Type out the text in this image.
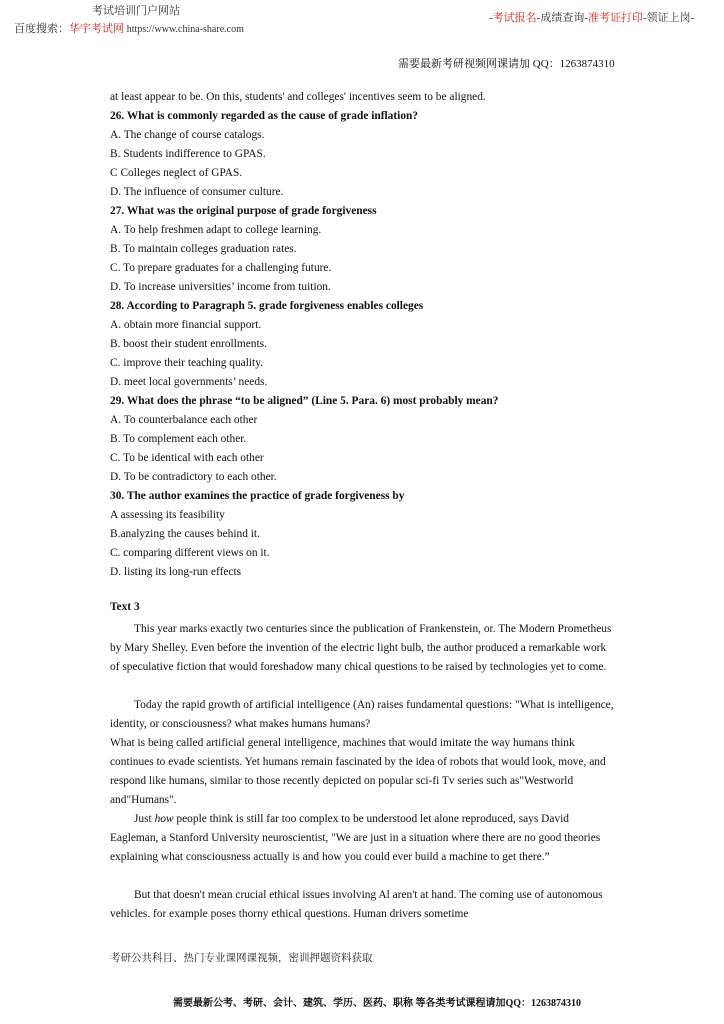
考试培训门户网站
百度搜索：华宇考试网 https://www.china-share.com
-考试报名-成绩查询-准考证打印-领证上岗-
需要最新考研视频网课请加 QQ：1263874310
at least appear to be. On this, students' and colleges' incentives seem to be aligned.
26. What is commonly regarded as the cause of grade inflation?
A. The change of course catalogs.
B. Students indifference to GPAS.
C Colleges neglect of GPAS.
D. The influence of consumer culture.
27. What was the original purpose of grade forgiveness
A. To help freshmen adapt to college learning.
B. To maintain colleges graduation rates.
C. To prepare graduates for a challenging future.
D. To increase universities’ income from tuition.
28. According to Paragraph 5. grade forgiveness enables colleges
A. obtain more financial support.
B. boost their student enrollments.
C. improve their teaching quality.
D. meet local governments’ needs.
29. What does the phrase “to be aligned” (Line 5. Para. 6) most probably mean?
A. To counterbalance each other
B. To complement each other.
C. To be identical with each other
D. To be contradictory to each other.
30. The author examines the practice of grade forgiveness by
A assessing its feasibility
B.analyzing the causes behind it.
C. comparing different views on it.
D. listing its long-run effects
Text 3

This year marks exactly two centuries since the publication of Frankenstein, or. The Modern Prometheus by Mary Shelley. Even before the invention of the electric light bulb, the author produced a remarkable work of speculative fiction that would foreshadow many chical questions to be raised by technologies yet to come.

Today the rapid growth of artificial intelligence (An) raises fundamental questions: "What is intelligence, identity, or consciousness? what makes humans humans?

What is being called artificial general intelligence, machines that would imitate the way humans think continues to evade scientists. Yet humans remain fascinated by the idea of robots that would look, move, and respond like humans, similar to those recently depicted on popular sci-fi Tv series such as"Westworld and"Humans".

Just how people think is still far too complex to be understood let alone reproduced, says David Eagleman, a Stanford University neuroscientist, "We are just in a situation where there are no good theories explaining what consciousness actually is and how you could ever build a machine to get there.”

But that doesn't mean crucial ethical issues involving Al aren't at hand. The coming use of autonomous vehicles. for example poses thorny ethical questions. Human drivers sometime

考研公共科目、热门专业课网课视频，密训押题资料获取
需要最新公考、考研、会计、建筑、学历、医药、职称 等各类考试课程请加QQ：1263874310
